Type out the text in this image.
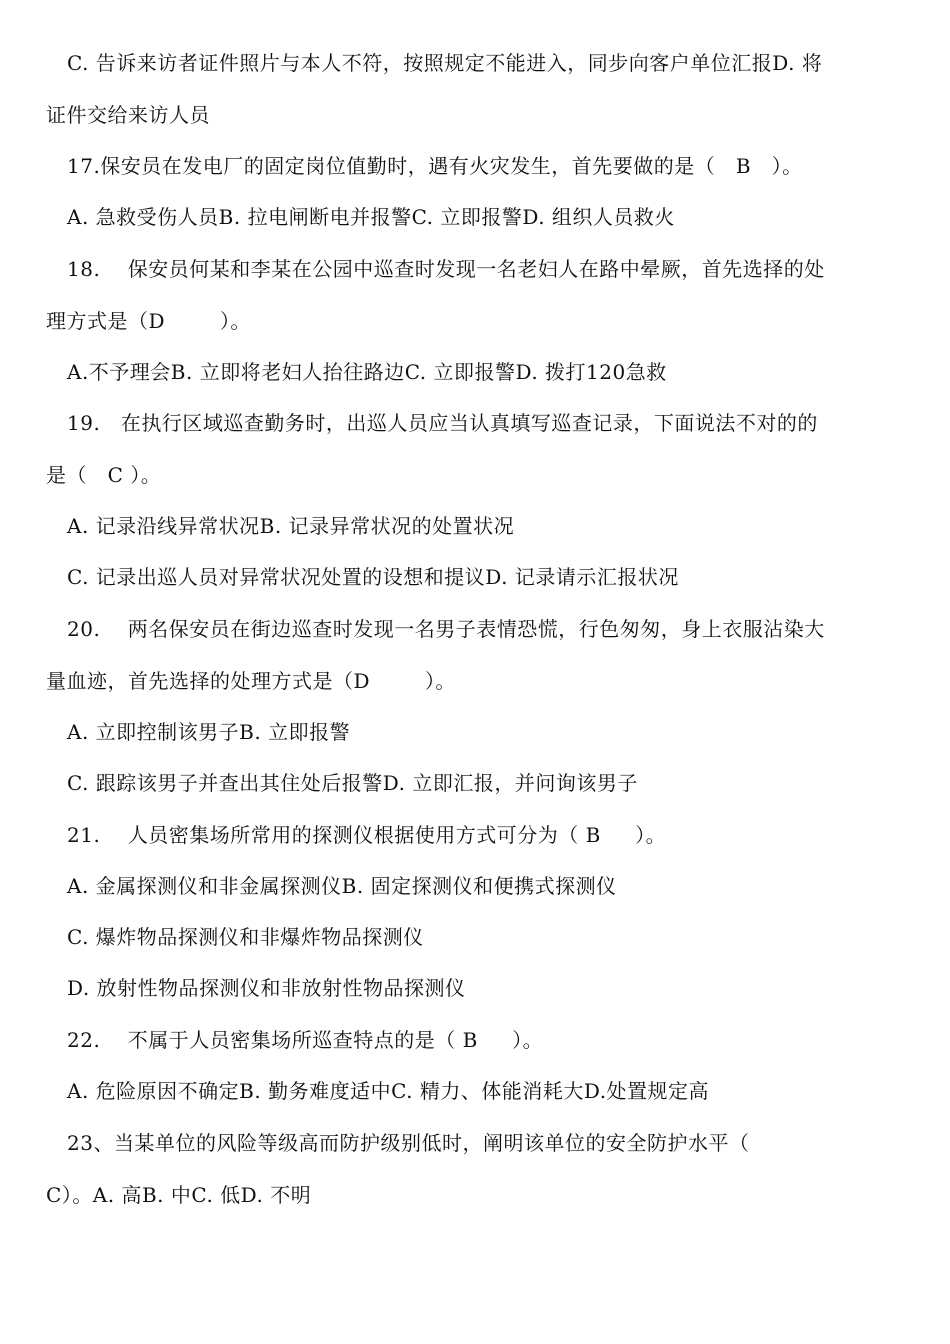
C. 告诉来访者证件照片与本人不符，按照规定不能进入，同步向客户单位汇报D. 将
证件交给来访人员
17.保安员在发电厂的固定岗位值勤时，遇有火灾发生，首先要做的是（   B   ）。
A. 急救受伤人员B. 拉电闸断电并报警C. 立即报警D. 组织人员救火
18.    保安员何某和李某在公园中巡查时发现一名老妇人在路中晕厥，首先选择的处
理方式是（D        ）。
A.不予理会B. 立即将老妇人抬往路边C. 立即报警D. 拨打120急救
19.   在执行区域巡查勤务时，出巡人员应当认真填写巡查记录，下面说法不对的的
是（   C ）。
A. 记录沿线异常状况B. 记录异常状况的处置状况
C. 记录出巡人员对异常状况处置的设想和提议D. 记录请示汇报状况
20.    两名保安员在街边巡查时发现一名男子表情恐慌，行色匆匆，身上衣服沾染大
量血迹，首先选择的处理方式是（D        ）。
A. 立即控制该男子B. 立即报警
C. 跟踪该男子并查出其住处后报警D. 立即汇报，并问询该男子
21.    人员密集场所常用的探测仪根据使用方式可分为（ B     ）。
A. 金属探测仪和非金属探测仪B. 固定探测仪和便携式探测仪
C. 爆炸物品探测仪和非爆炸物品探测仪
D. 放射性物品探测仪和非放射性物品探测仪
22.    不属于人员密集场所巡查特点的是（ B     ）。
A. 危险原因不确定B. 勤务难度适中C. 精力、体能消耗大D.处置规定高
23、当某单位的风险等级高而防护级别低时，阐明该单位的安全防护水平（
C）。A. 高B. 中C. 低D. 不明
